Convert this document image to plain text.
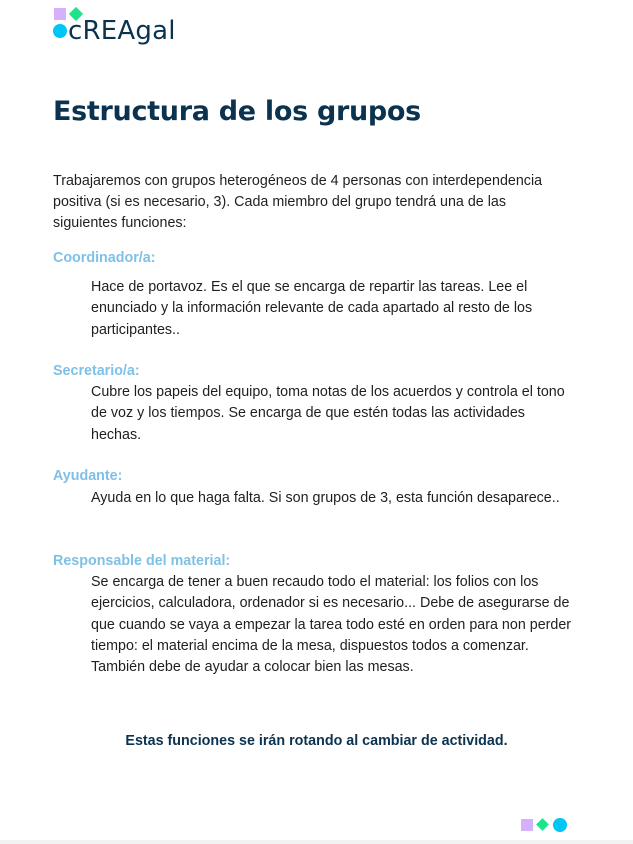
cREAgal
Estructura de los grupos

Trabajaremos con grupos heterogéneos de 4 personas con interdependencia positiva (si es necesario, 3). Cada miembro del grupo tendrá una de las siguientes funciones:

Coordinador/a:

Hace de portavoz. Es el que se encarga de repartir las tareas. Lee el enunciado y la información relevante de cada apartado al resto de los participantes..

Secretario/a:

Cubre los papeis del equipo, toma notas de los acuerdos y controla el tono de voz y los tiempos. Se encarga de que estén todas las actividades hechas.

Ayudante:

Ayuda en lo que haga falta. Si son grupos de 3, esta función desaparece..

Responsable del material:

Se encarga de tener a buen recaudo todo el material: los folios con los ejercicios, calculadora, ordenador si es necesario... Debe de asegurarse de que cuando se vaya a empezar la tarea todo esté en orden para non perder tiempo: el material encima de la mesa, dispuestos todos a comenzar. También debe de ayudar a colocar bien las mesas.

Estas funciones se irán rotando al cambiar de actividad.
